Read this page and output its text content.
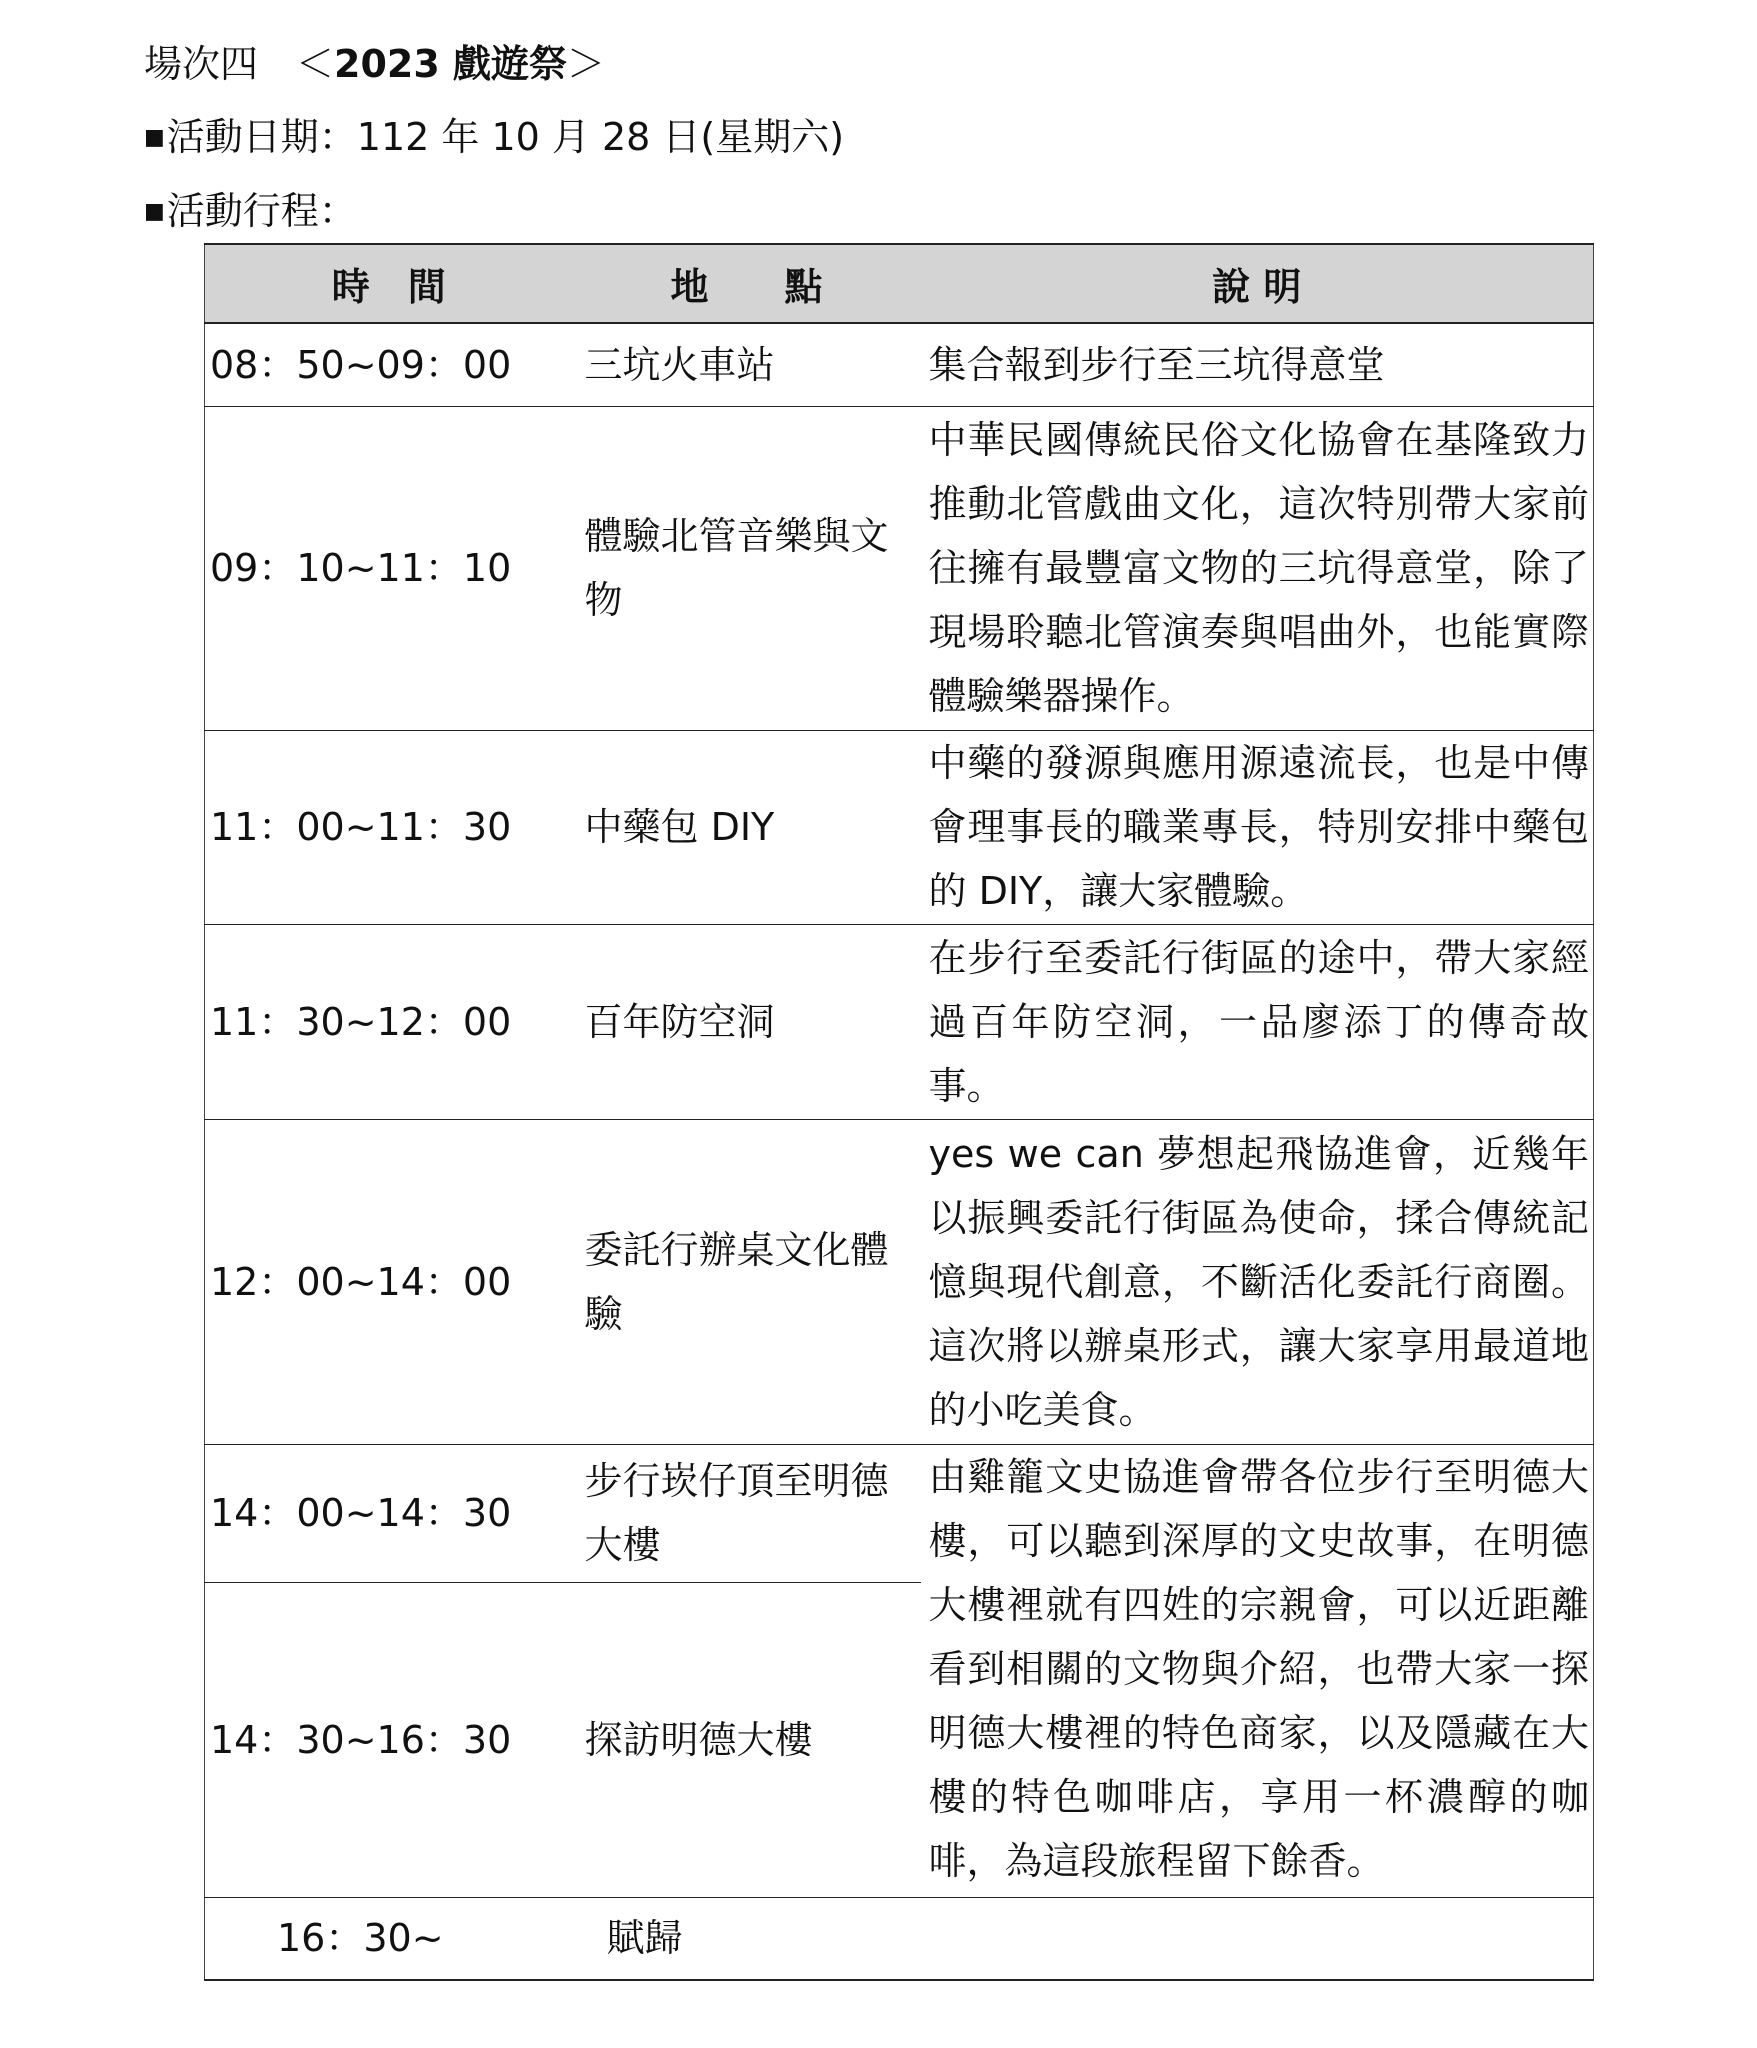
場次四　＜2023 戲遊祭＞
■活動日期：112 年 10 月 28 日(星期六)
■活動行程：
時　間	地　　點	說 明
08：50~09：00	三坑火車站	集合報到步行至三坑得意堂
09：10~11：10	體驗北管音樂與文物	中華民國傳統民俗文化協會在基隆致力推動北管戲曲文化，這次特別帶大家前往擁有最豐富文物的三坑得意堂，除了現場聆聽北管演奏與唱曲外，也能實際體驗樂器操作。
11：00~11：30	中藥包 DIY	中藥的發源與應用源遠流長，也是中傳會理事長的職業專長，特別安排中藥包的 DIY，讓大家體驗。
11：30~12：00	百年防空洞	在步行至委託行街區的途中，帶大家經過百年防空洞，一品廖添丁的傳奇故事。
12：00~14：00	委託行辦桌文化體驗	yes we can 夢想起飛協進會，近幾年以振興委託行街區為使命，揉合傳統記憶與現代創意，不斷活化委託行商圈。這次將以辦桌形式，讓大家享用最道地的小吃美食。
14：00~14：30	步行崁仔頂至明德大樓	由雞籠文史協進會帶各位步行至明德大樓，可以聽到深厚的文史故事，在明德大樓裡就有四姓的宗親會，可以近距離看到相關的文物與介紹，也帶大家一探明德大樓裡的特色商家，以及隱藏在大樓的特色咖啡店，享用一杯濃醇的咖啡，為這段旅程留下餘香。
14：30~16：30	探訪明德大樓	
16：30~	賦歸	
